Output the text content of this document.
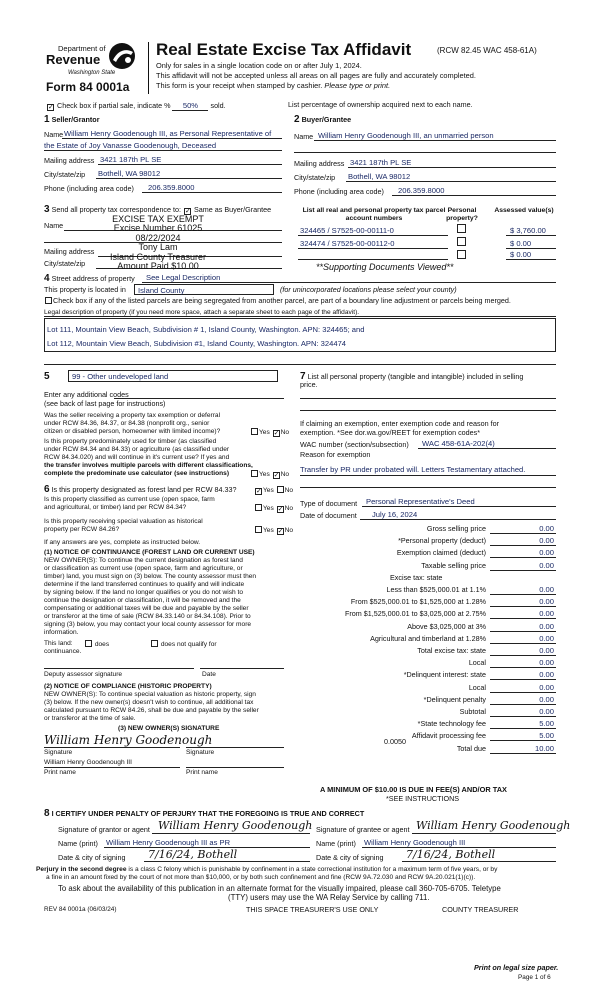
Department of
Revenue
Washington State
Form 84 0001a
Real Estate Excise Tax Affidavit	(RCW 82.45 WAC 458-61A)
Only for sales in a single location code on or after July 1, 2024.
This affidavit will not be accepted unless all areas on all pages are fully and accurately completed.
This form is your receipt when stamped by cashier. Please type or print.
✓ Check box if partial sale, indicate % 50% sold.	List percentage of ownership acquired next to each name.
1 Seller/Grantor
Name William Henry Goodenough III, as Personal Representative of
the Estate of Joy Vanasse Goodenough, Deceased
Mailing address 3421 187th PL SE
City/state/zip Bothell, WA 98012
Phone (including area code) 206.359.8000
2 Buyer/Grantee
Name William Henry Goodenough III, an unmarried person
Mailing address 3421 187th PL SE
City/state/zip Bothell, WA 98012
Phone (including area code) 206.359.8000
3 Send all property tax correspondence to: ✓ Same as Buyer/Grantee
Name
Mailing address
City/state/zip
EXCISE TAX EXEMPT
Excise Number 61025
08/22/2024
Tony Lam
Island County Treasurer
Amount Paid $10.00
List all real and personal property tax parcel account numbers
Personal property?
Assessed value(s)
324465 / S7525-00-00111-0	$ 3,760.00
324474 / S7525-00-00112-0	$ 0.00
$ 0.00
**Supporting Documents Viewed**
4 Street address of property See Legal Description
This property is located in	Island County	(for unincorporated locations please select your county)
Check box if any of the listed parcels are being segregated from another parcel, are part of a boundary line adjustment or parcels being merged.
Legal description of property (if you need more space, attach a separate sheet to each page of the affidavit).
Lot 111, Mountain View Beach, Subdivision # 1, Island County, Washington. APN: 324465; and
Lot 112, Mountain View Beach, Subdivision #1, Island County, Washington. APN: 324474
5	99 - Other undeveloped land
Enter any additional codes
(see back of last page for instructions)
Was the seller receiving a property tax exemption or deferral
under RCW 84.36, 84.37, or 84.38 (nonprofit org., senior
citizen or disabled person, homeowner with limited income)?	Yes ✓No
Is this property predominately used for timber (as classified
under RCW 84.34 and 84.33) or agriculture (as classified under
RCW 84.34.020) and will continue in it's current use? If yes and
the transfer involves multiple parcels with different classifications,
complete the predominate use calculator (see instructions)	Yes ✓No
6 Is this property designated as forest land per RCW 84.33?	✓Yes No
Is this property classified as current use (open space, farm
and agricultural, or timber) land per RCW 84.34?	Yes ✓No
Is this property receiving special valuation as historical
property per RCW 84.26?	Yes ✓No
If any answers are yes, complete as instructed below.
(1) NOTICE OF CONTINUANCE (FOREST LAND OR CURRENT USE)
NEW OWNER(S): To continue the current designation as forest land
or classification as current use (open space, farm and agriculture, or
timber) land, you must sign on (3) below. The county assessor must then
determine if the land transferred continues to qualify and will indicate
by signing below. If the land no longer qualifies or you do not wish to
continue the designation or classification, it will be removed and the
compensating or additional taxes will be due and payable by the seller
or transferor at the time of sale (RCW 84.33.140 or 84.34.108). Prior to
signing (3) below, you may contact your local county assessor for more
information.
This land:	does	does not qualify for
continuance.
Deputy assessor signature	Date
(2) NOTICE OF COMPLIANCE (HISTORIC PROPERTY)
NEW OWNER(S): To continue special valuation as historic property, sign
(3) below. If the new owner(s) doesn't wish to continue, all additional tax
calculated pursuant to RCW 84.26, shall be due and payable by the seller
or transferor at the time of sale.
(3) NEW OWNER(S) SIGNATURE
William Henry Goodenough
Signature	Signature
William Henry Goodenough III
Print name	Print name
7 List all personal property (tangible and intangible) included in selling
price.
If claiming an exemption, enter exemption code and reason for
exemption. *See dor.wa.gov/REET for exemption codes*
WAC number (section/subsection) WAC 458-61A-202(4)
Reason for exemption
Transfer by PR under probated will. Letters Testamentary attached.
Type of document Personal Representative's Deed
Date of document July 16, 2024
Gross selling price	0.00
*Personal property (deduct)	0.00
Exemption claimed (deduct)	0.00
Taxable selling price	0.00
Excise tax: state
Less than $525,000.01 at 1.1%	0.00
From $525,000.01 to $1,525,000 at 1.28%	0.00
From $1,525,000.01 to $3,025,000 at 2.75%	0.00
Above $3,025,000 at 3%	0.00
Agricultural and timberland at 1.28%	0.00
Total excise tax: state	0.00
Local	0.00
*Delinquent interest: state	0.00
Local	0.00
*Delinquent penalty	0.00
Subtotal	0.00
*State technology fee	5.00
Affidavit processing fee	5.00
Total due	10.00
0.0050
A MINIMUM OF $10.00 IS DUE IN FEE(S) AND/OR TAX
*SEE INSTRUCTIONS
8 I CERTIFY UNDER PENALTY OF PERJURY THAT THE FOREGOING IS TRUE AND CORRECT
Signature of grantor or agent William Henry Goodenough Signature of grantee or agent William Henry Goodenough
Name (print) William Henry Goodenough III as PR	Name (print) William Henry Goodenough III
Date & city of signing 7/16/24, Bothell	Date & city of signing 7/16/24, Bothell
Perjury in the second degree is a class C felony which is punishable by confinement in a state correctional institution for a maximum term of five years, or by
a fine in an amount fixed by the court of not more than $10,000, or by both such confinement and fine (RCW 9A.72.030 and RCW 9A.20.021(1)(c)).
To ask about the availability of this publication in an alternate format for the visually impaired, please call 360-705-6705. Teletype
(TTY) users may use the WA Relay Service by calling 711.
REV 84 0001a (06/03/24)	THIS SPACE TREASURER'S USE ONLY	COUNTY TREASURER
Print on legal size paper.
Page 1 of 6
